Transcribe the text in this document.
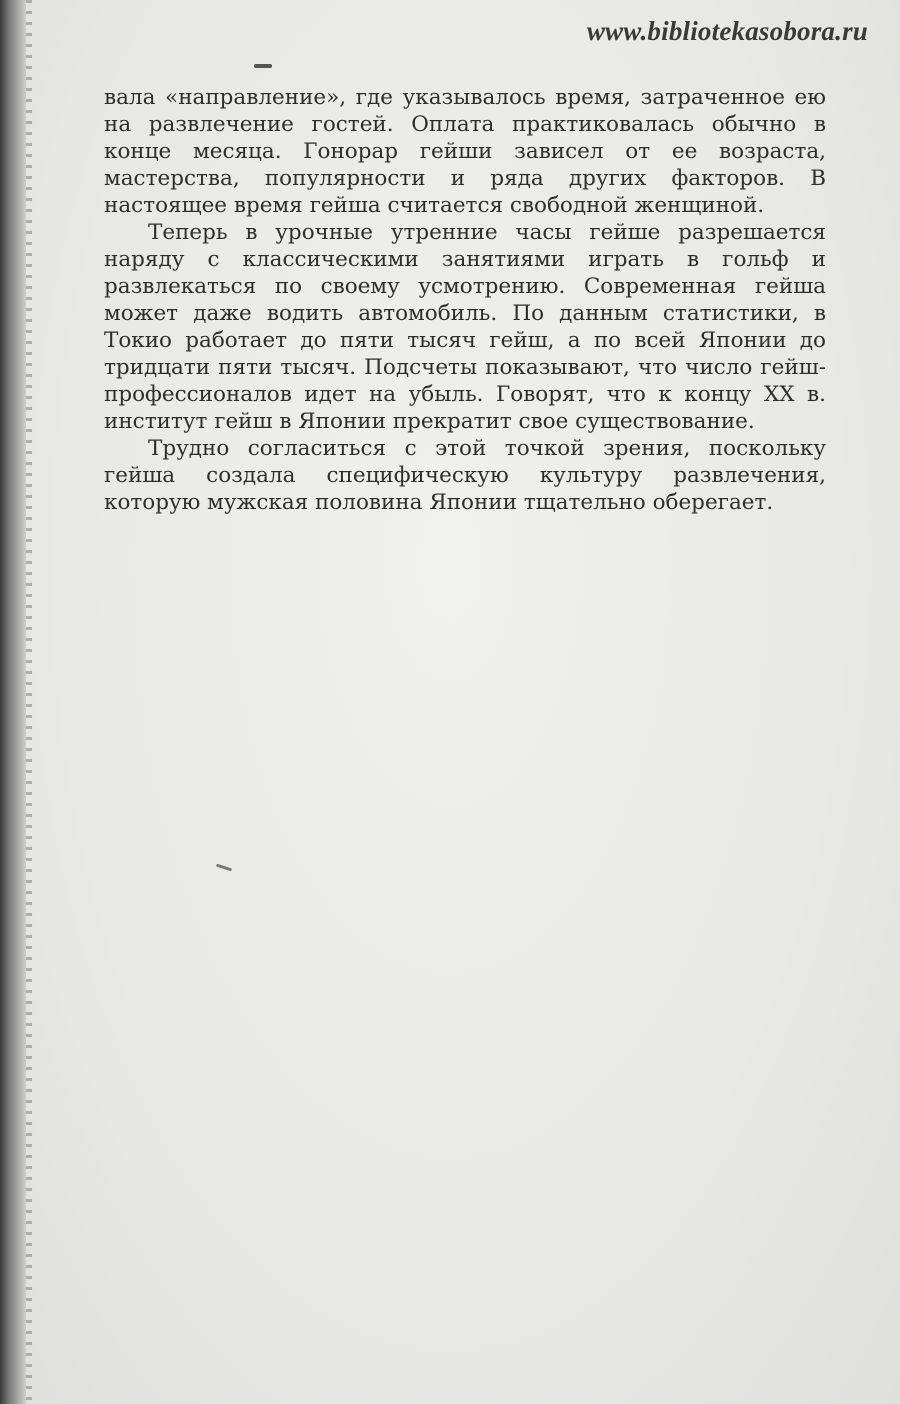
www.bibliotekasobora.ru

вала «направление», где указывалось время, затраченное ею на развлечение гостей. Оплата практиковалась обычно в конце месяца. Гонорар гейши зависел от ее возраста, мастерства, популярности и ряда других факторов. В настоящее время гейша считается свободной женщиной.

Теперь в урочные утренние часы гейше разрешается наряду с классическими занятиями играть в гольф и развлекаться по своему усмотрению. Современная гейша может даже водить автомобиль. По данным статистики, в Токио работает до пяти тысяч гейш, а по всей Японии до тридцати пяти тысяч. Подсчеты показывают, что число гейш-профессионалов идет на убыль. Говорят, что к концу XX в. институт гейш в Японии прекратит свое существование.

Трудно согласиться с этой точкой зрения, поскольку гейша создала специфическую культуру развлечения, которую мужская половина Японии тщательно оберегает.
